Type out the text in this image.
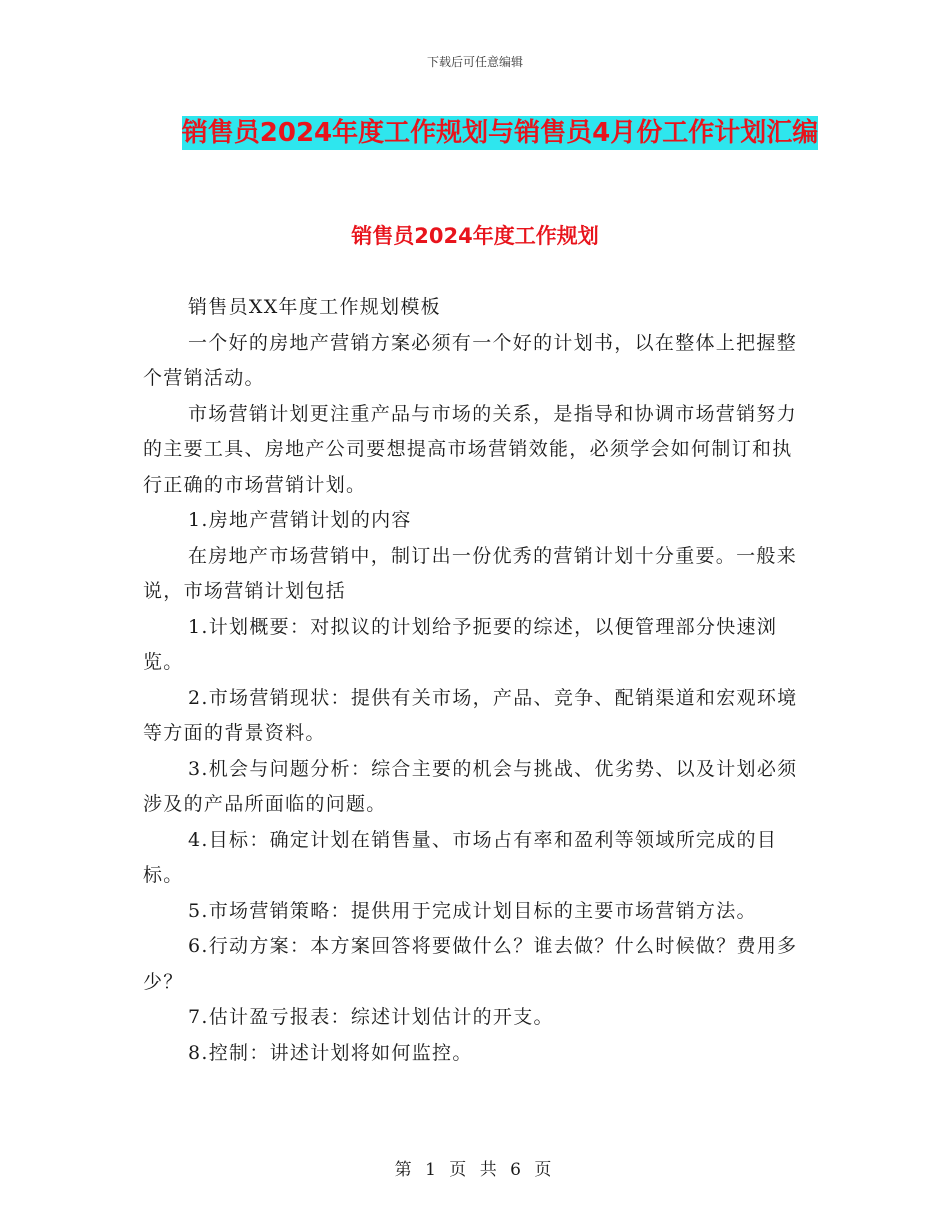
下载后可任意编辑
销售员2024年度工作规划与销售员4月份工作计划汇编
销售员2024年度工作规划

销售员XX年度工作规划模板

一个好的房地产营销方案必须有一个好的计划书，以在整体上把握整个营销活动。

市场营销计划更注重产品与市场的关系，是指导和协调市场营销努力的主要工具、房地产公司要想提高市场营销效能，必须学会如何制订和执行正确的市场营销计划。

1.房地产营销计划的内容

在房地产市场营销中，制订出一份优秀的营销计划十分重要。一般来说，市场营销计划包括

1.计划概要：对拟议的计划给予扼要的综述，以便管理部分快速浏览。

2.市场营销现状：提供有关市场，产品、竞争、配销渠道和宏观环境等方面的背景资料。

3.机会与问题分析：综合主要的机会与挑战、优劣势、以及计划必须涉及的产品所面临的问题。

4.目标：确定计划在销售量、市场占有率和盈利等领域所完成的目标。

5.市场营销策略：提供用于完成计划目标的主要市场营销方法。

6.行动方案：本方案回答将要做什么？谁去做？什么时候做？费用多少？

7.估计盈亏报表：综述计划估计的开支。

8.控制：讲述计划将如何监控。

第 1 页 共 6 页
